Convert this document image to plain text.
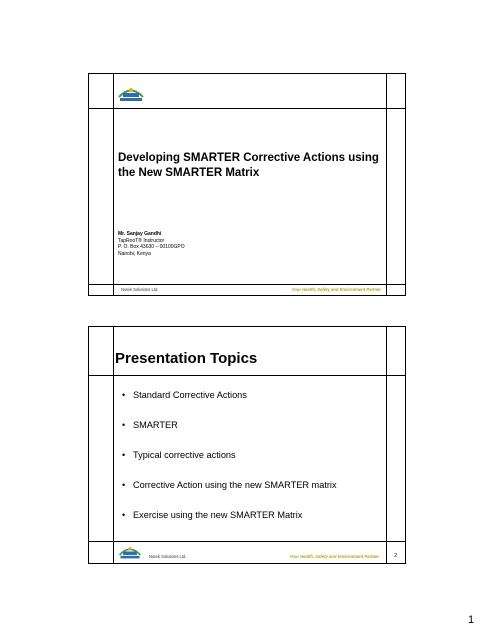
Developing SMARTER Corrective Actions using the New SMARTER Matrix
Mr. Sanjay Gandhi
TapRooT® Instructor
P. O. Box 43630 – 00100GPO
Nairobi, Kenya
Nutek Solutions Ltd.	Your Health, Safety and Environment Partner
Presentation Topics
• Standard Corrective Actions
• SMARTER
• Typical corrective actions
• Corrective Action using the new SMARTER matrix
• Exercise using the new SMARTER Matrix
Nutek Solutions Ltd.	Your Health, Safety and Environment Partner	2
1
